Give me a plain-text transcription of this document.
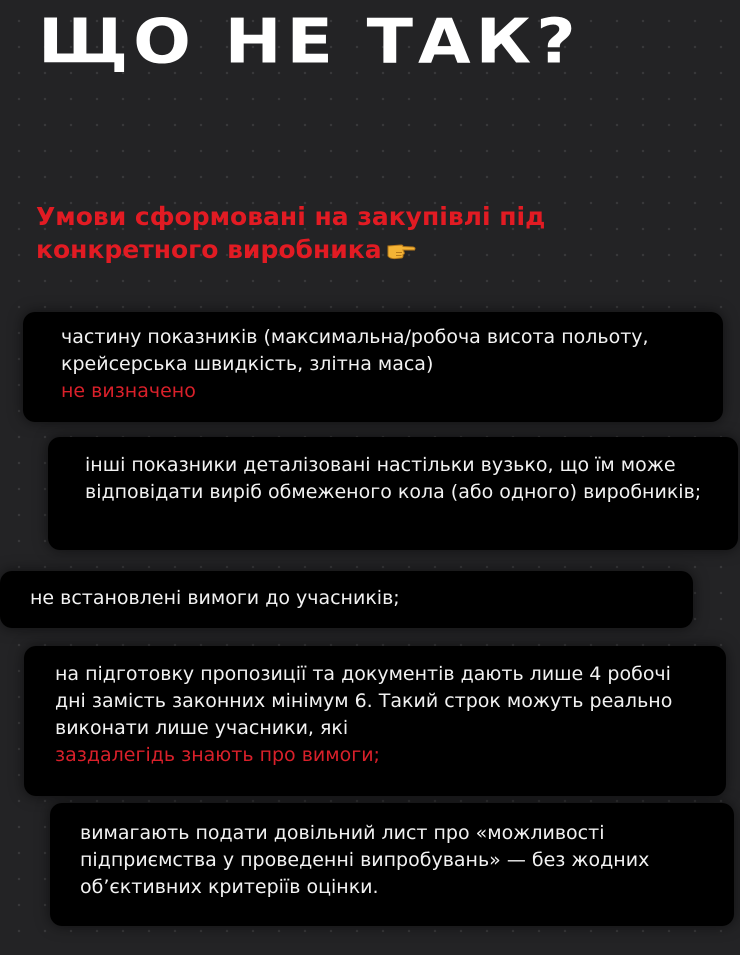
ЩО НЕ ТАК?
Умови сформовані на закупівлі під конкретного виробника

частину показників (максимальна/робоча висота польоту, крейсерська швидкість, злітна маса)

не визначено

інші показники деталізовані настільки вузько, що їм може відповідати виріб обмеженого кола (або одного) виробників;

не встановлені вимоги до учасників;

на підготовку пропозиції та документів дають лише 4 робочі дні замість законних мінімум 6. Такий строк можуть реально виконати лише учасники, які

заздалегідь знають про вимоги;

вимагають подати довільний лист про «можливості підприємства у проведенні випробувань» — без жодних об’єктивних критеріїв оцінки.
